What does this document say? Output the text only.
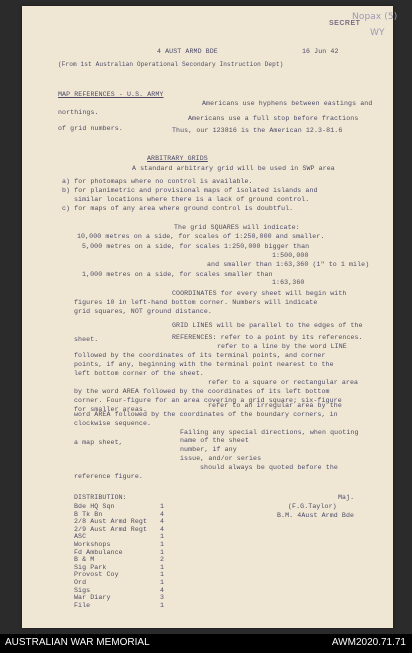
SECRET
Nopax (5)
WY
4 AUST ARMD BDE	16 Jun 42
(From 1st Australian Operational Secondary Instruction Dept)
MAP REFERENCES - U.S. ARMY
Americans use hyphens between eastings and
northings.
Americans use a full stop before fractions
of grid numbers.	Thus, our 123816 is the American 12.3-81.6
ARBITRARY GRIDS
A standard arbitrary grid will be used in SWP area
a) for photomaps where no control is available.
b) for planimetric and provisional maps of isolated islands and
similar locations where there is a lack of ground control.
c) for maps of any area where ground control is doubtful.
The grid SQUARES will indicate:
10,000 metres on a side, for scales of 1:250,000 and smaller.
5,000 metres on a side, for scales 1:250,000 bigger than
1:500,000
and smaller than 1:63,360 (1" to 1 mile)
1,000 metres on a side, for scales smaller than
1:63,360
COORDINATES for every sheet will begin with
figures 10 in left-hand bottom corner. Numbers will indicate
grid squares, NOT ground distance.
GRID LINES will be parallel to the edges of the
sheet.	REFERENCES: refer to a point by its references.
refer to a line by the word LINE
followed by the coordinates of its terminal points, and corner
points, if any, beginning with the terminal point nearest to the
left bottom corner of the sheet.
refer to a square or rectangular area
by the word AREA followed by the coordinates of its left bottom
corner. Four-figure for an area covering a grid square; six-figure
for smaller areas.
refer to an irregular area by the
word AREA followed by the coordinates of the boundary corners, in
clockwise sequence.
Failing any special directions, when quoting
a map sheet,	name of the sheet
number, if any
issue, and/or series
should always be quoted before the
reference figure.
DISTRIBUTION:
Bde HQ Sqn	1
B Tk Bn	4
2/8 Aust Armd Regt 4
2/9 Aust Armd Regt 4
ASC	1
Workshops	1
Fd Ambulance	1
B & M	2
Sig Park	1
Provost Coy	1
Ord	1
Sigs	4
War Diary	3
File	1
Maj.
(F.G.Taylor)
B.M. 4Aust Armd Bde
AUSTRALIAN WAR MEMORIAL	AWM2020.71.71
